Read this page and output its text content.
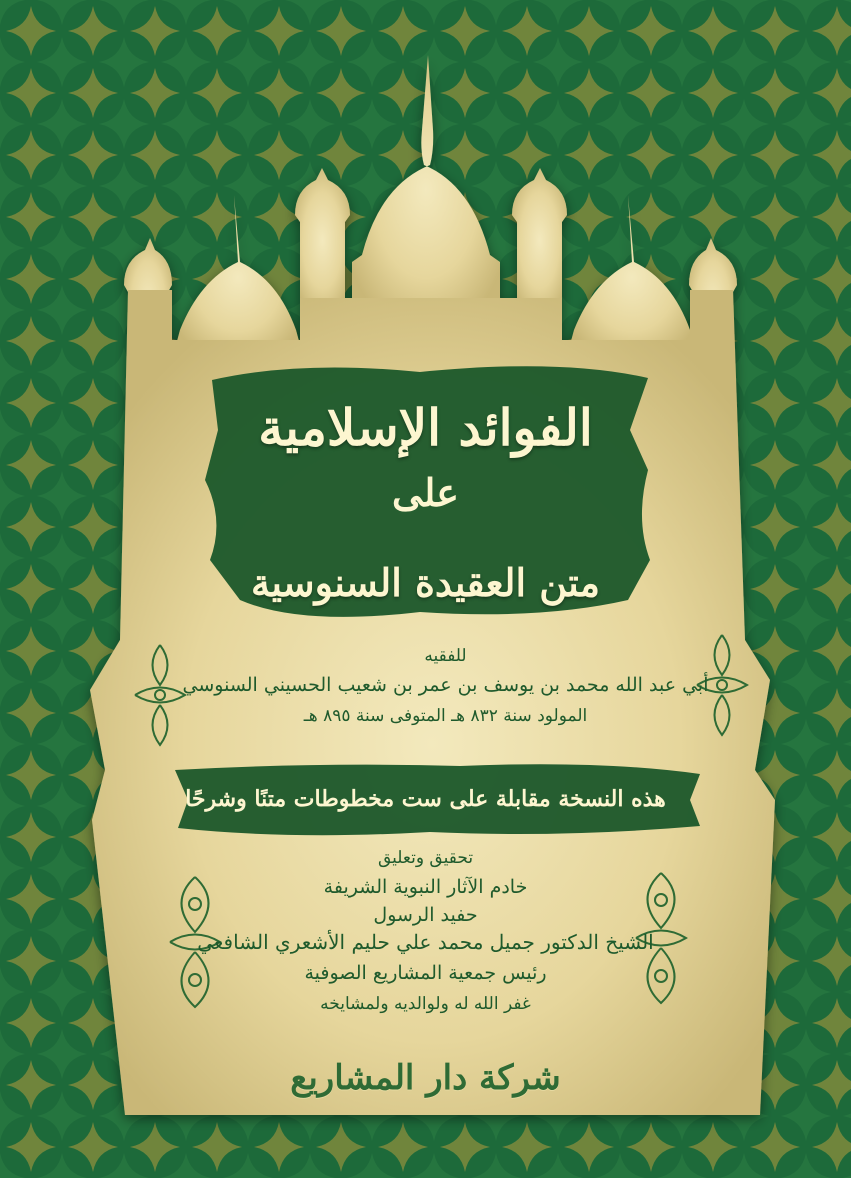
الفوائد الإسلامية
على
متن العقيدة السنوسية
للفقيه
أبي عبد الله محمد بن يوسف بن عمر بن شعيب الحسيني السنوسي
المولود سنة ٨٣٢ هـ المتوفى سنة ٨٩٥ هـ
هذه النسخة مقابلة على ست مخطوطات متنًا وشرحًا
تحقيق وتعليق
خادم الآثار النبوية الشريفة
حفيد الرسول
الشيخ الدكتور جميل محمد علي حليم الأشعري الشافعي
رئيس جمعية المشاريع الصوفية
غفر الله له ولوالديه ولمشايخه
شركة دار المشاريع
